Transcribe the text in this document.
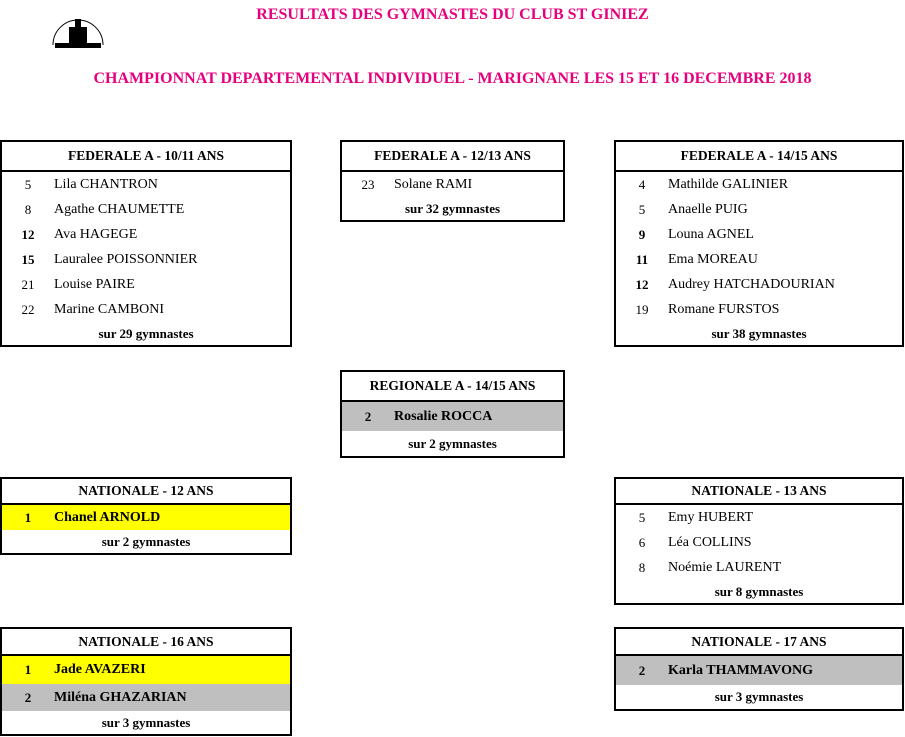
RESULTATS DES GYMNASTES DU CLUB ST GINIEZ
CHAMPIONNAT DEPARTEMENTAL INDIVIDUEL - MARIGNANE LES 15 ET 16 DECEMBRE 2018
FEDERALE A - 10/11 ANS
5	Lila CHANTRON
8	Agathe CHAUMETTE
12	Ava HAGEGE
15	Lauralee POISSONNIER
21	Louise PAIRE
22	Marine CAMBONI
sur 29 gymnastes
FEDERALE A - 12/13 ANS
23	Solane RAMI
sur 32 gymnastes
FEDERALE A - 14/15 ANS
4	Mathilde GALINIER
5	Anaelle PUIG
9	Louna AGNEL
11	Ema MOREAU
12	Audrey HATCHADOURIAN
19	Romane FURSTOS
sur 38 gymnastes
REGIONALE A - 14/15 ANS
2	Rosalie ROCCA
sur 2 gymnastes
NATIONALE - 12 ANS
1	Chanel ARNOLD
sur 2 gymnastes
NATIONALE - 13 ANS
5	Emy HUBERT
6	Léa COLLINS
8	Noémie LAURENT
sur 8 gymnastes
NATIONALE - 16 ANS
1	Jade AVAZERI
2	Miléna GHAZARIAN
sur 3 gymnastes
NATIONALE - 17 ANS
2	Karla THAMMAVONG
sur 3 gymnastes
